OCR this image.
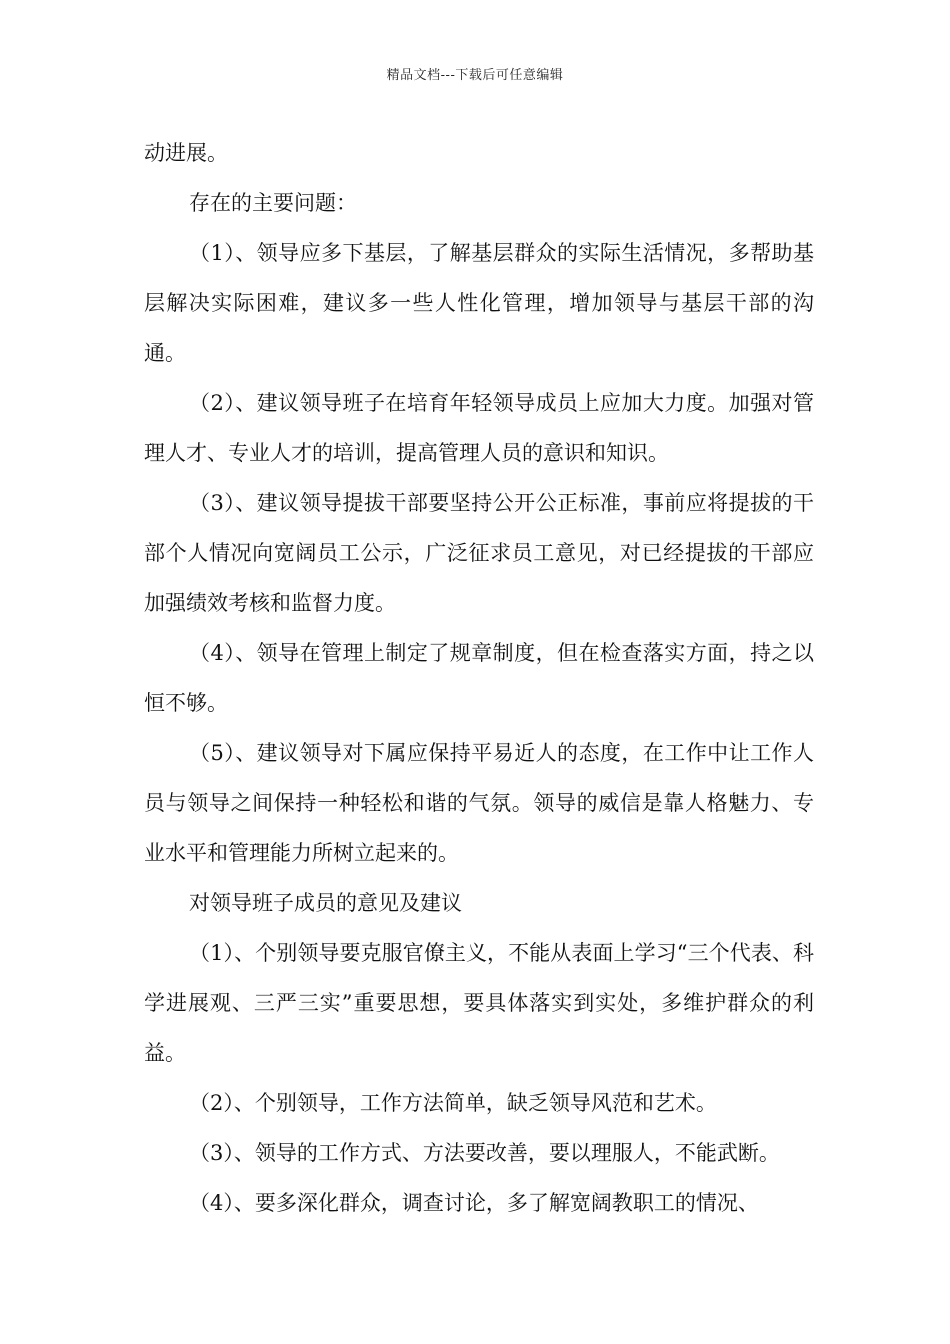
精品文档---下载后可任意编辑

动进展。

存在的主要问题：

（1）、领导应多下基层，了解基层群众的实际生活情况，多帮助基层解决实际困难，建议多一些人性化管理，增加领导与基层干部的沟通。

（2）、建议领导班子在培育年轻领导成员上应加大力度。加强对管理人才、专业人才的培训，提高管理人员的意识和知识。

（3）、建议领导提拔干部要坚持公开公正标准，事前应将提拔的干部个人情况向宽阔员工公示，广泛征求员工意见，对已经提拔的干部应加强绩效考核和监督力度。

（4）、领导在管理上制定了规章制度，但在检查落实方面，持之以恒不够。

（5）、建议领导对下属应保持平易近人的态度，在工作中让工作人员与领导之间保持一种轻松和谐的气氛。领导的威信是靠人格魅力、专业水平和管理能力所树立起来的。

对领导班子成员的意见及建议

（1）、个别领导要克服官僚主义，不能从表面上学习“三个代表、科学进展观、三严三实”重要思想，要具体落实到实处，多维护群众的利益。

（2）、个别领导，工作方法简单，缺乏领导风范和艺术。

（3）、领导的工作方式、方法要改善，要以理服人，不能武断。

（4）、要多深化群众，调查讨论，多了解宽阔教职工的情况、
